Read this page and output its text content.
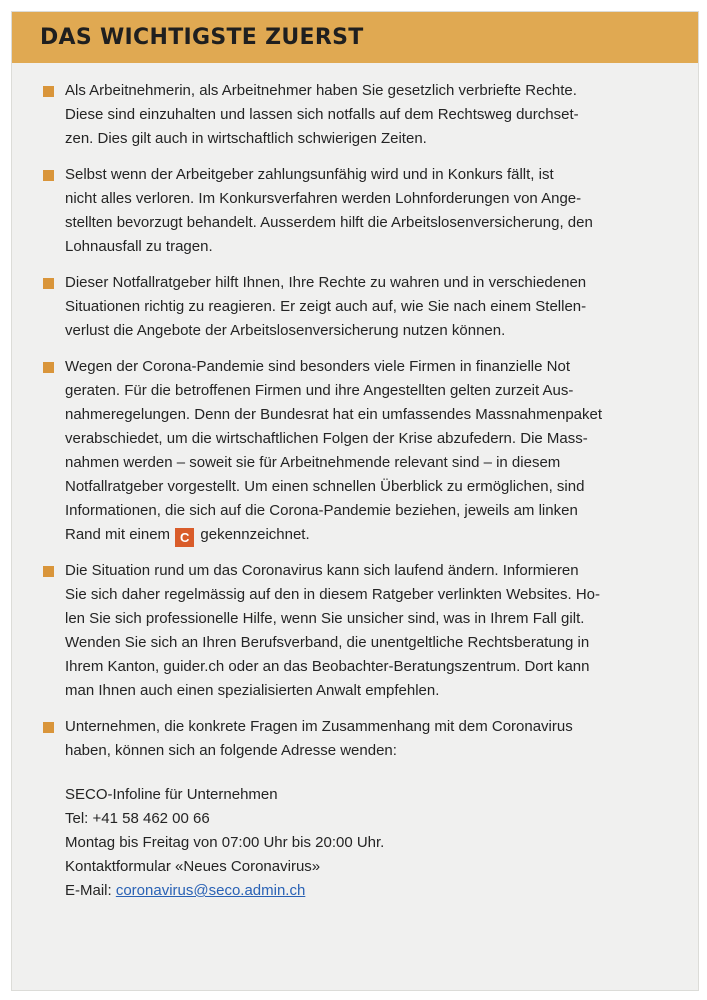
DAS WICHTIGSTE ZUERST
Als Arbeitnehmerin, als Arbeitnehmer haben Sie gesetzlich verbriefte Rechte.
Diese sind einzuhalten und lassen sich notfalls auf dem Rechtsweg durchset-
zen. Dies gilt auch in wirtschaftlich schwierigen Zeiten.
Selbst wenn der Arbeitgeber zahlungsunfähig wird und in Konkurs fällt, ist
nicht alles verloren. Im Konkursverfahren werden Lohnforderungen von Ange-
stellten bevorzugt behandelt. Ausserdem hilft die Arbeitslosenversicherung, den
Lohnausfall zu tragen.
Dieser Notfallratgeber hilft Ihnen, Ihre Rechte zu wahren und in verschiedenen
Situationen richtig zu reagieren. Er zeigt auch auf, wie Sie nach einem Stellen-
verlust die Angebote der Arbeitslosenversicherung nutzen können.
Wegen der Corona-Pandemie sind besonders viele Firmen in finanzielle Not
geraten. Für die betroffenen Firmen und ihre Angestellten gelten zurzeit Aus-
nahmeregelungen. Denn der Bundesrat hat ein umfassendes Massnahmenpaket
verabschiedet, um die wirtschaftlichen Folgen der Krise abzufedern. Die Mass-
nahmen werden – soweit sie für Arbeitnehmende relevant sind – in diesem
Notfallratgeber vorgestellt. Um einen schnellen Überblick zu ermöglichen, sind
Informationen, die sich auf die Corona-Pandemie beziehen, jeweils am linken
Rand mit einem C gekennzeichnet.
Die Situation rund um das Coronavirus kann sich laufend ändern. Informieren
Sie sich daher regelmässig auf den in diesem Ratgeber verlinkten Websites. Ho-
len Sie sich professionelle Hilfe, wenn Sie unsicher sind, was in Ihrem Fall gilt.
Wenden Sie sich an Ihren Berufsverband, die unentgeltliche Rechtsberatung in
Ihrem Kanton, guider.ch oder an das Beobachter-Beratungszentrum. Dort kann
man Ihnen auch einen spezialisierten Anwalt empfehlen.
Unternehmen, die konkrete Fragen im Zusammenhang mit dem Coronavirus
haben, können sich an folgende Adresse wenden:
SECO-Infoline für Unternehmen
Tel: +41 58 462 00 66
Montag bis Freitag von 07:00 Uhr bis 20:00 Uhr.
Kontaktformular «Neues Coronavirus»
E-Mail: coronavirus@seco.admin.ch
